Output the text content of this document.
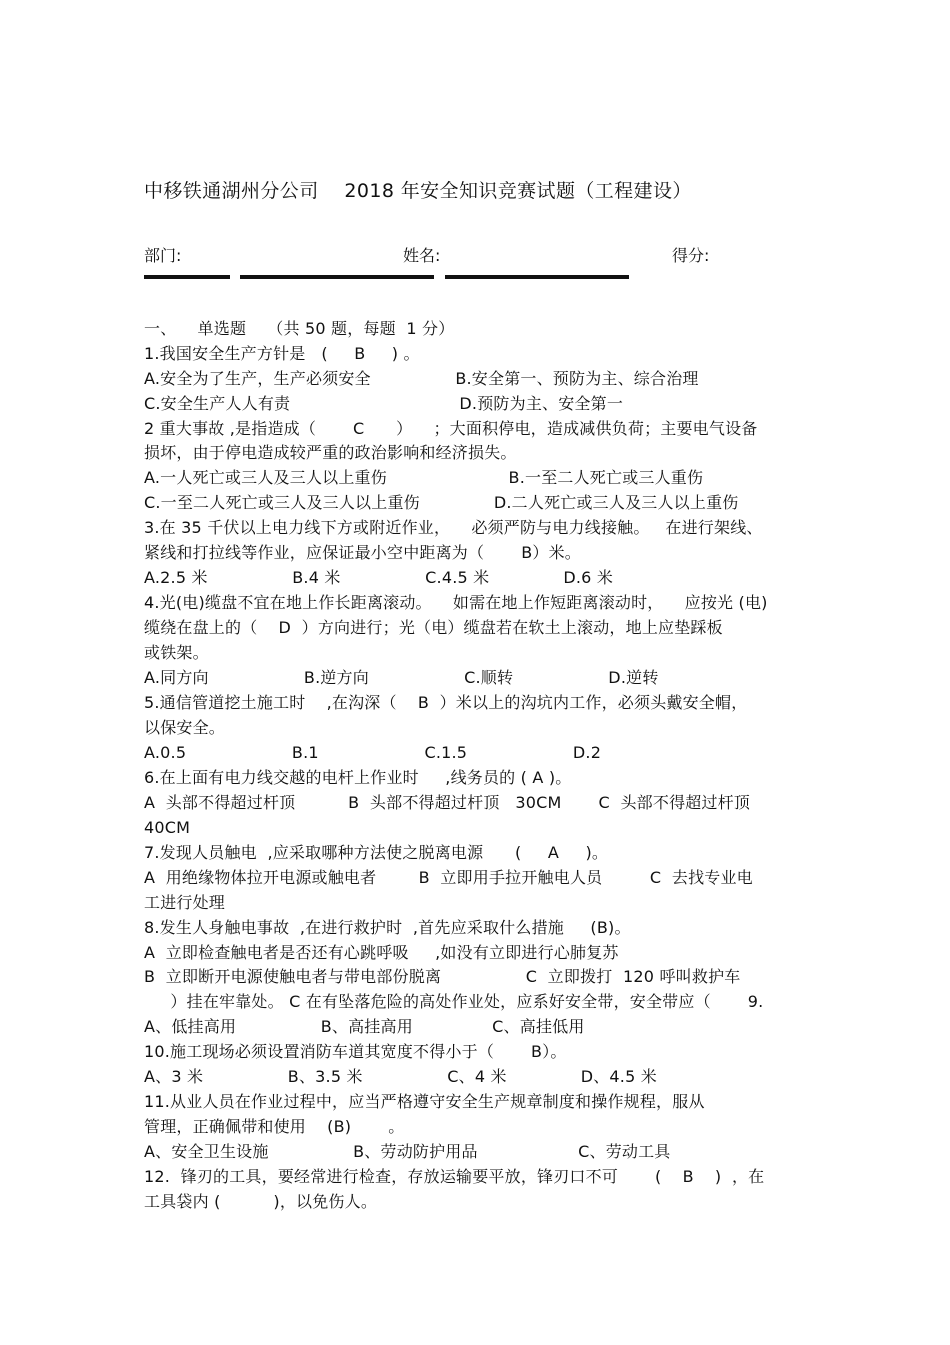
中移铁通湖州分公司    2018 年安全知识竞赛试题（工程建设）
部门:	姓名:	得分:
一、    单选题    （共 50 题，每题  1 分）
1.我国安全生产方针是   (     B     ) 。
A.安全为了生产，生产必须安全                B.安全第一、预防为主、综合治理
C.安全生产人人有责                                D.预防为主、安全第一
2 重大事故 ,是指造成（       C      ）    ；大面积停电，造成减供负荷；主要电气设备
损坏，由于停电造成较严重的政治影响和经济损失。
A.一人死亡或三人及三人以上重伤                       B.一至二人死亡或三人重伤
C.一至二人死亡或三人及三人以上重伤              D.二人死亡或三人及三人以上重伤
3.在 35 千伏以上电力线下方或附近作业，    必须严防与电力线接触。   在进行架线、
紧线和打拉线等作业，应保证最小空中距离为（       B）米。
A.2.5 米                B.4 米                C.4.5 米              D.6 米
4.光(电)缆盘不宜在地上作长距离滚动。    如需在地上作短距离滚动时，    应按光 (电)
缆绕在盘上的（    D  ）方向进行；光（电）缆盘若在软土上滚动，地上应垫踩板
或铁架。
A.同方向                  B.逆方向                  C.顺转                  D.逆转
5.通信管道挖土施工时    ,在沟深（    B  ）米以上的沟坑内工作，必须头戴安全帽，
以保安全。
A.0.5                    B.1                    C.1.5                    D.2
6.在上面有电力线交越的电杆上作业时     ,线务员的 ( A )。
A  头部不得超过杆顶          B  头部不得超过杆顶   30CM       C  头部不得超过杆顶
40CM
7.发现人员触电  ,应采取哪种方法使之脱离电源      (     A     )。
A  用绝缘物体拉开电源或触电者        B  立即用手拉开触电人员         C  去找专业电
工进行处理
8.发生人身触电事故  ,在进行救护时  ,首先应采取什么措施     (B)。
A  立即检查触电者是否还有心跳呼吸     ,如没有立即进行心肺复苏
B  立即断开电源使触电者与带电部份脱离                C  立即拨打  120 呼叫救护车
）挂在牢靠处。 C 在有坠落危险的高处作业处，应系好安全带，安全带应（       9.
A、低挂高用                B、高挂高用               C、高挂低用
10.施工现场必须设置消防车道其宽度不得小于（       B）。
A、3 米                B、3.5 米                C、4 米              D、4.5 米
11.从业人员在作业过程中，应当严格遵守安全生产规章制度和操作规程，服从
管理，正确佩带和使用    (B)       。
A、安全卫生设施                B、劳动防护用品                   C、劳动工具
12.  锋刃的工具，要经常进行检查，存放运输要平放，锋刃口不可       (    B    )  ，在
工具袋内 (          )，以免伤人。
